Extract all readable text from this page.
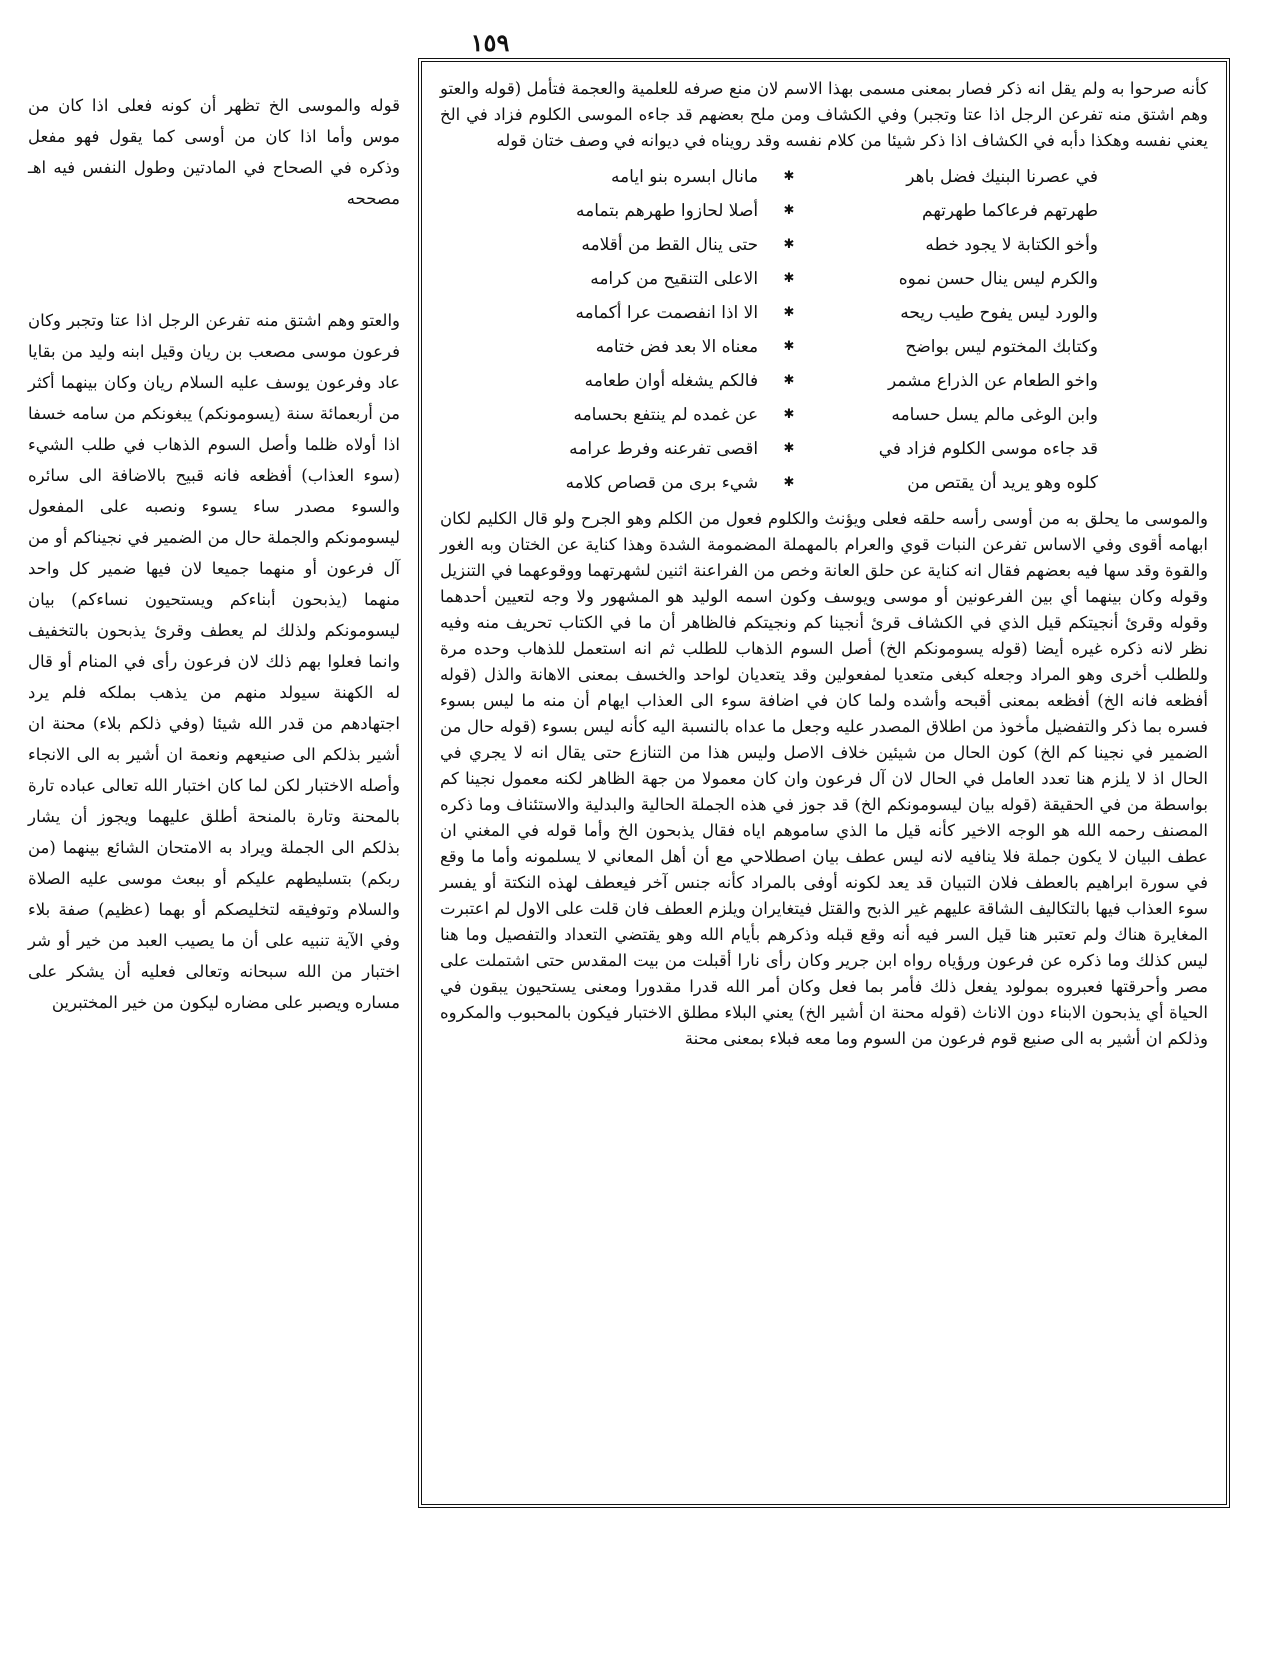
١٥٩

كأنه صرحوا به ولم يقل انه ذكر فصار بمعنى مسمى بهذا الاسم لان منع صرفه للعلمية والعجمة فتأمل (قوله والعتو وهم اشتق منه تفرعن الرجل اذا عتا وتجبر) وفي الكشاف ومن ملح بعضهم قد جاءه الموسى الكلوم فزاد في الخ يعني نفسه وهكذا دأبه في الكشاف اذا ذكر شيئا من كلام نفسه وقد رويناه في ديوانه في وصف ختان قوله

في عصرنا البنيك فضل باهر
✱
مانال ابسره بنو ايامه
طهرتهم فرعاكما طهرتهم
✱
أصلا لحازوا طهرهم بتمامه
وأخو الكتابة لا يجود خطه
✱
حتى ينال القط من أقلامه
والكرم ليس ينال حسن نموه
✱
الاعلى التنقيح من كرامه
والورد ليس يفوح طيب ريحه
✱
الا اذا انفصمت عرا أكمامه
وكتابك المختوم ليس بواضح
✱
معناه الا بعد فض ختامه
واخو الطعام عن الذراع مشمر
✱
فالكم يشغله أوان طعامه
وابن الوغى مالم يسل حسامه
✱
عن غمده لم ينتفع بحسامه
قد جاءه موسى الكلوم فزاد في
✱
اقصى تفرعنه وفرط عرامه
كلوه وهو يريد أن يقتص من
✱
شيء برى من قصاص كلامه

والموسى ما يحلق به من أوسى رأسه حلقه فعلى ويؤنث والكلوم فعول من الكلم وهو الجرح ولو قال الكليم لكان ابهامه أقوى وفي الاساس تفرعن النبات قوي والعرام بالمهملة المضمومة الشدة وهذا كناية عن الختان وبه الغور والقوة وقد سها فيه بعضهم فقال انه كناية عن حلق العانة وخص من الفراعنة اثنين لشهرتهما ووقوعهما في التنزيل وقوله وكان بينهما أي بين الفرعونين أو موسى ويوسف وكون اسمه الوليد هو المشهور ولا وجه لتعيين أحدهما وقوله وقرئ أنجيتكم قيل الذي في الكشاف قرئ أنجينا كم ونجيتكم فالظاهر أن ما في الكتاب تحريف منه وفيه نظر لانه ذكره غيره أيضا (قوله يسومونكم الخ) أصل السوم الذهاب للطلب ثم انه استعمل للذهاب وحده مرة وللطلب أخرى وهو المراد وجعله كبغى متعديا لمفعولين وقد يتعديان لواحد والخسف بمعنى الاهانة والذل (قوله أفظعه فانه الخ) أفظعه بمعنى أقبحه وأشده ولما كان في اضافة سوء الى العذاب ايهام أن منه ما ليس بسوء فسره بما ذكر والتفضيل مأخوذ من اطلاق المصدر عليه وجعل ما عداه بالنسبة اليه كأنه ليس بسوء (قوله حال من الضمير في نجينا كم الخ) كون الحال من شيئين خلاف الاصل وليس هذا من التنازع حتى يقال انه لا يجري في الحال اذ لا يلزم هنا تعدد العامل في الحال لان آل فرعون وان كان معمولا من جهة الظاهر لكنه معمول نجينا كم بواسطة من في الحقيقة (قوله بيان ليسومونكم الخ) قد جوز في هذه الجملة الحالية والبدلية والاستئناف وما ذكره المصنف رحمه الله هو الوجه الاخير كأنه قيل ما الذي ساموهم اياه فقال يذبحون الخ وأما قوله في المغني ان عطف البيان لا يكون جملة فلا ينافيه لانه ليس عطف بيان اصطلاحي مع أن أهل المعاني لا يسلمونه وأما ما وقع في سورة ابراهيم بالعطف فلان التبيان قد يعد لكونه أوفى بالمراد كأنه جنس آخر فيعطف لهذه النكتة أو يفسر سوء العذاب فيها بالتكاليف الشاقة عليهم غير الذبح والقتل فيتغايران ويلزم العطف فان قلت على الاول لم اعتبرت المغايرة هناك ولم تعتبر هنا قيل السر فيه أنه وقع قبله وذكرهم بأيام الله وهو يقتضي التعداد والتفصيل وما هنا ليس كذلك وما ذكره عن فرعون ورؤياه رواه ابن جرير وكان رأى نارا أقبلت من بيت المقدس حتى اشتملت على مصر وأحرقتها فعبروه بمولود يفعل ذلك فأمر بما فعل وكان أمر الله قدرا مقدورا ومعنى يستحيون يبقون في الحياة أي يذبحون الابناء دون الاناث (قوله محنة ان أشير الخ) يعني البلاء مطلق الاختبار فيكون بالمحبوب والمكروه وذلكم ان أشير به الى صنيع قوم فرعون من السوم وما معه فبلاء بمعنى محنة

قوله والموسى الخ تظهر أن كونه فعلى اذا كان من موس وأما اذا كان من أوسى كما يقول فهو مفعل وذكره في الصحاح في المادتين وطول النفس فيه اهـ مصححه
والعتو وهم اشتق منه تفرعن الرجل اذا عتا وتجبر وكان فرعون موسى مصعب بن ريان وقيل ابنه وليد من بقايا عاد وفرعون يوسف عليه السلام ريان وكان بينهما أكثر من أربعمائة سنة (يسومونكم) يبغونكم من سامه خسفا اذا أولاه ظلما وأصل السوم الذهاب في طلب الشيء (سوء العذاب) أفظعه فانه قبيح بالاضافة الى سائره والسوء مصدر ساء يسوء ونصبه على المفعول ليسومونكم والجملة حال من الضمير في نجيناكم أو من آل فرعون أو منهما جميعا لان فيها ضمير كل واحد منهما (يذبحون أبناءكم ويستحيون نساءكم) بيان ليسومونكم ولذلك لم يعطف وقرئ يذبحون بالتخفيف وانما فعلوا بهم ذلك لان فرعون رأى في المنام أو قال له الكهنة سيولد منهم من يذهب بملكه فلم يرد اجتهادهم من قدر الله شيئا (وفي ذلكم بلاء) محنة ان أشير بذلكم الى صنيعهم ونعمة ان أشير به الى الانجاء وأصله الاختبار لكن لما كان اختبار الله تعالى عباده تارة بالمحنة وتارة بالمنحة أطلق عليهما ويجوز أن يشار بذلكم الى الجملة ويراد به الامتحان الشائع بينهما (من ربكم) بتسليطهم عليكم أو ببعث موسى عليه الصلاة والسلام وتوفيقه لتخليصكم أو بهما (عظيم) صفة بلاء وفي الآية تنبيه على أن ما يصيب العبد من خير أو شر اختبار من الله سبحانه وتعالى فعليه أن يشكر على مساره ويصبر على مضاره ليكون من خير المختبرين
